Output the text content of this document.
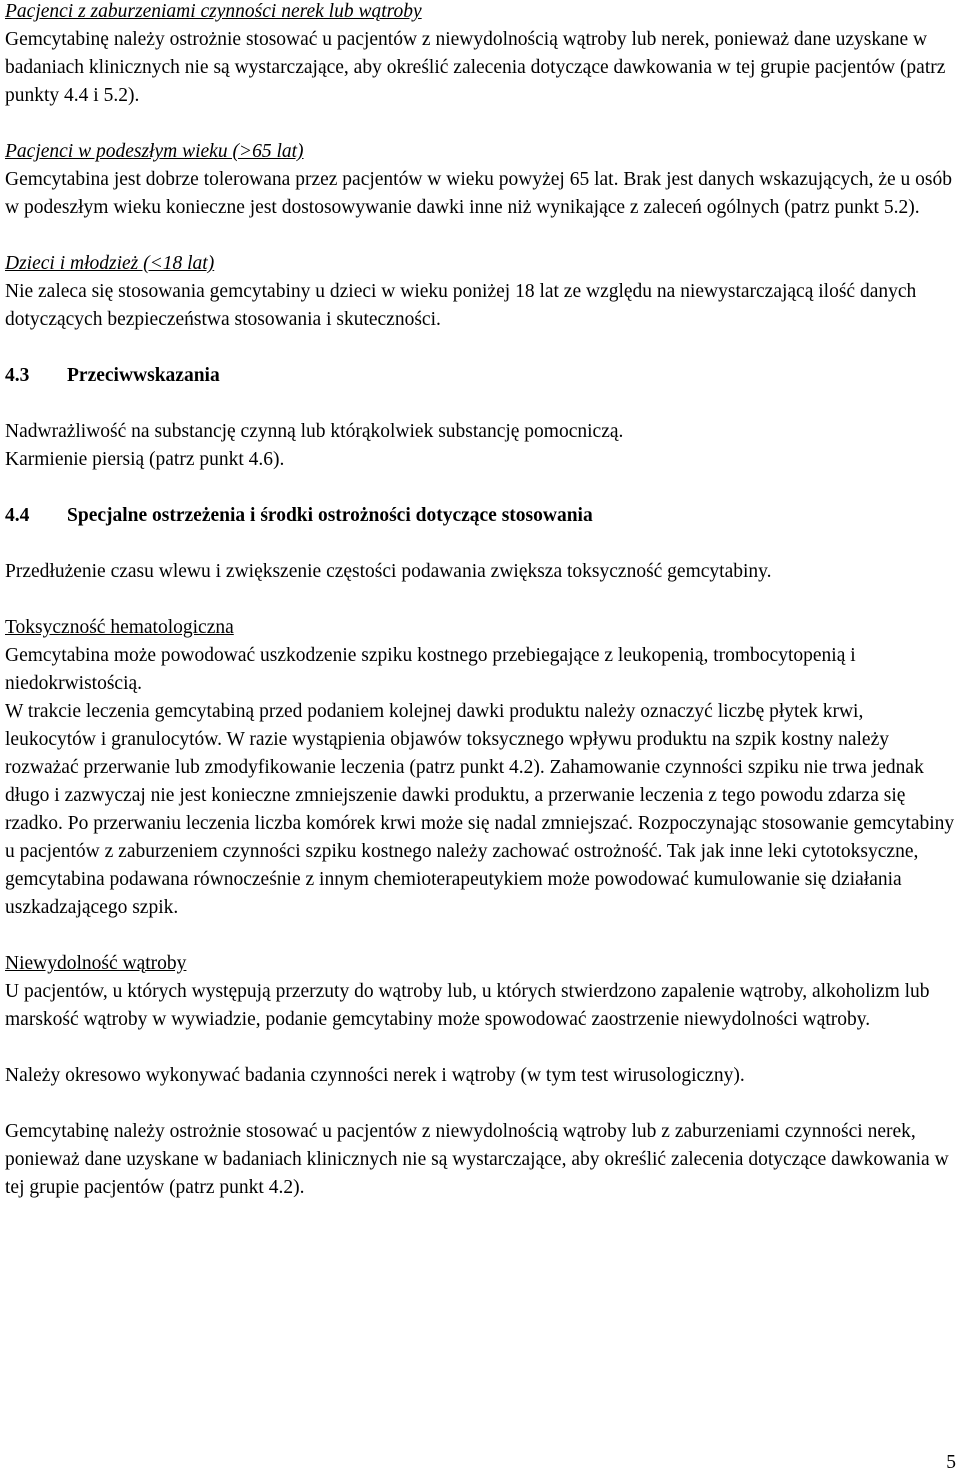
Pacjenci z zaburzeniami czynności nerek lub wątroby

Gemcytabinę należy ostrożnie stosować u pacjentów z niewydolnością wątroby lub nerek, ponieważ dane uzyskane w badaniach klinicznych nie są wystarczające, aby określić zalecenia dotyczące dawkowania w tej grupie pacjentów (patrz punkty 4.4 i 5.2).

Pacjenci w podeszłym wieku (>65 lat)

Gemcytabina jest dobrze tolerowana przez pacjentów w wieku powyżej 65 lat. Brak jest danych wskazujących, że u osób w podeszłym wieku konieczne jest dostosowywanie dawki inne niż wynikające z zaleceń ogólnych (patrz punkt 5.2).

Dzieci i młodzież (<18 lat)

Nie zaleca się stosowania gemcytabiny u dzieci w wieku poniżej 18 lat ze względu na niewystarczającą ilość danych dotyczących bezpieczeństwa stosowania i skuteczności.

4.3	Przeciwwskazania

Nadwrażliwość na substancję czynną lub którąkolwiek substancję pomocniczą.

Karmienie piersią (patrz punkt 4.6).

4.4	Specjalne ostrzeżenia i środki ostrożności dotyczące stosowania

Przedłużenie czasu wlewu i zwiększenie częstości podawania zwiększa toksyczność gemcytabiny.

Toksyczność hematologiczna

Gemcytabina może powodować uszkodzenie szpiku kostnego przebiegające z leukopenią, trombocytopenią i niedokrwistością.

W trakcie leczenia gemcytabiną przed podaniem kolejnej dawki produktu należy oznaczyć liczbę płytek krwi, leukocytów i granulocytów. W razie wystąpienia objawów toksycznego wpływu produktu na szpik kostny należy rozważać przerwanie lub zmodyfikowanie leczenia (patrz punkt 4.2). Zahamowanie czynności szpiku nie trwa jednak długo i zazwyczaj nie jest konieczne zmniejszenie dawki produktu, a przerwanie leczenia z tego powodu zdarza się rzadko. Po przerwaniu leczenia liczba komórek krwi może się nadal zmniejszać. Rozpoczynając stosowanie gemcytabiny u pacjentów z zaburzeniem czynności szpiku kostnego należy zachować ostrożność. Tak jak inne leki cytotoksyczne, gemcytabina podawana równocześnie z innym chemioterapeutykiem może powodować kumulowanie się działania uszkadzającego szpik.

Niewydolność wątroby

U pacjentów, u których występują przerzuty do wątroby lub, u których stwierdzono zapalenie wątroby, alkoholizm lub marskość wątroby w wywiadzie, podanie gemcytabiny może spowodować zaostrzenie niewydolności wątroby.

Należy okresowo wykonywać badania czynności nerek i wątroby (w tym test wirusologiczny).

Gemcytabinę należy ostrożnie stosować u pacjentów z niewydolnością wątroby lub z zaburzeniami czynności nerek, ponieważ dane uzyskane w badaniach klinicznych nie są wystarczające, aby określić zalecenia dotyczące dawkowania w tej grupie pacjentów (patrz punkt 4.2).

5
